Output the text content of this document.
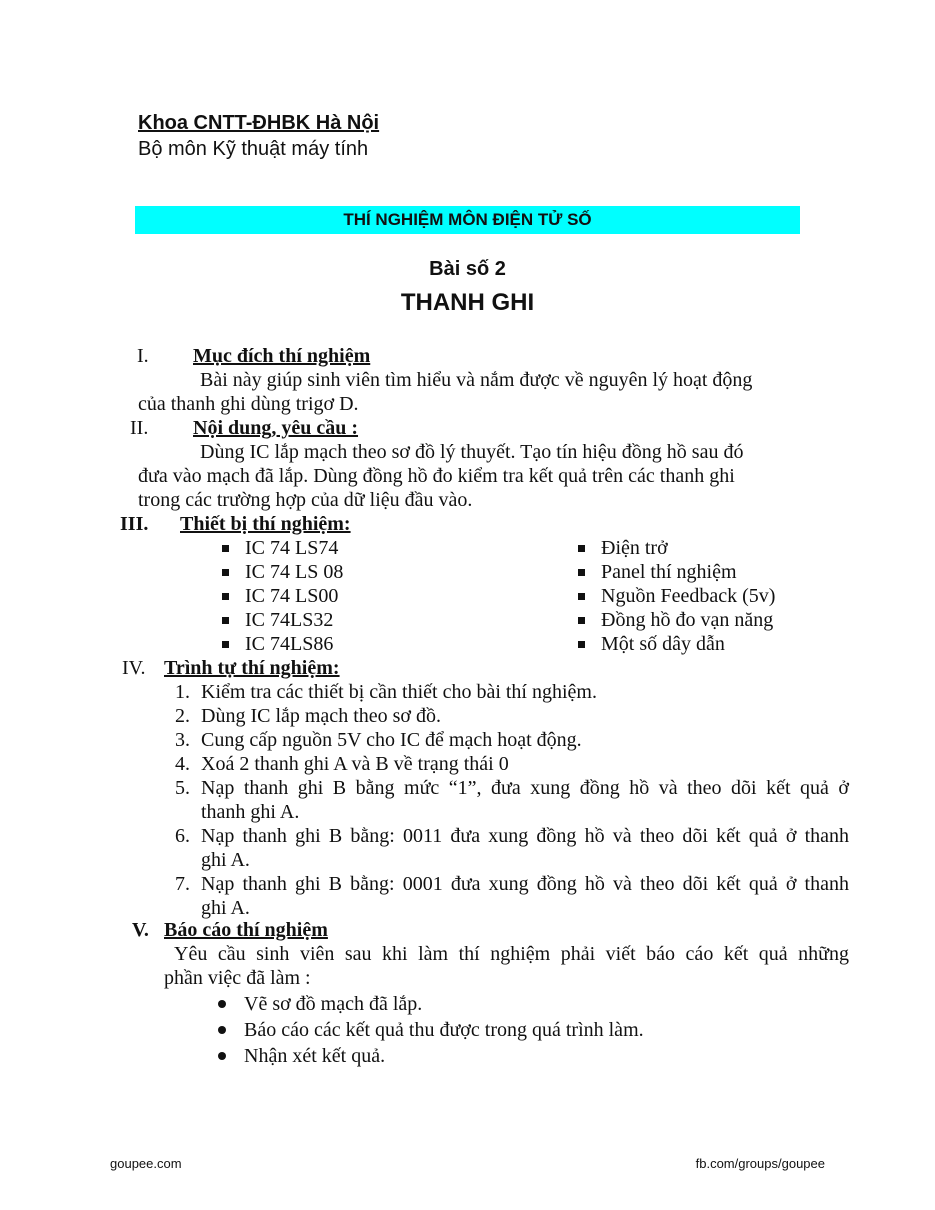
Khoa CNTT-ĐHBK Hà Nội
Bộ môn Kỹ thuật máy tính
THÍ NGHIỆM MÔN ĐIỆN TỬ SỐ
Bài số 2
THANH GHI
I. Mục đích thí nghiệm
Bài này giúp sinh viên tìm hiểu và nắm được về nguyên lý hoạt động
của thanh ghi dùng trigơ D.
II. Nội dung, yêu cầu :
Dùng IC lắp mạch theo sơ đồ lý thuyết. Tạo tín hiệu đồng hồ sau đó
đưa vào mạch đã lắp. Dùng đồng hồ đo kiểm tra kết quả trên các thanh ghi
trong các trường hợp của dữ liệu đầu vào.
III. Thiết bị thí nghiệm:
IC 74 LS74
IC 74 LS 08
IC 74 LS00
IC 74LS32
IC 74LS86
Điện trở
Panel thí nghiệm
Nguồn Feedback (5v)
Đồng hồ đo vạn năng
Một số dây dẫn
IV. Trình tự thí nghiệm:
1. Kiểm tra các thiết bị cần thiết cho bài thí nghiệm.
2. Dùng IC lắp mạch theo sơ đồ.
3. Cung cấp nguồn 5V cho IC để mạch hoạt động.
4. Xoá 2 thanh ghi A và B về trạng thái 0
5. Nạp thanh ghi B bằng mức “1”, đưa xung đồng hồ và theo dõi kết quả ở
thanh ghi A.
6. Nạp thanh ghi B bằng: 0011 đưa xung đồng hồ và theo dõi kết quả ở thanh
ghi A.
7. Nạp thanh ghi B bằng: 0001 đưa xung đồng hồ và theo dõi kết quả ở thanh
ghi A.
V. Báo cáo thí nghiệm
Yêu cầu sinh viên sau khi làm thí nghiệm phải viết báo cáo kết quả những
phần việc đã làm :
Vẽ sơ đồ mạch đã lắp.
Báo cáo các kết quả thu được trong quá trình làm.
Nhận xét kết quả.
goupee.com	fb.com/groups/goupee
